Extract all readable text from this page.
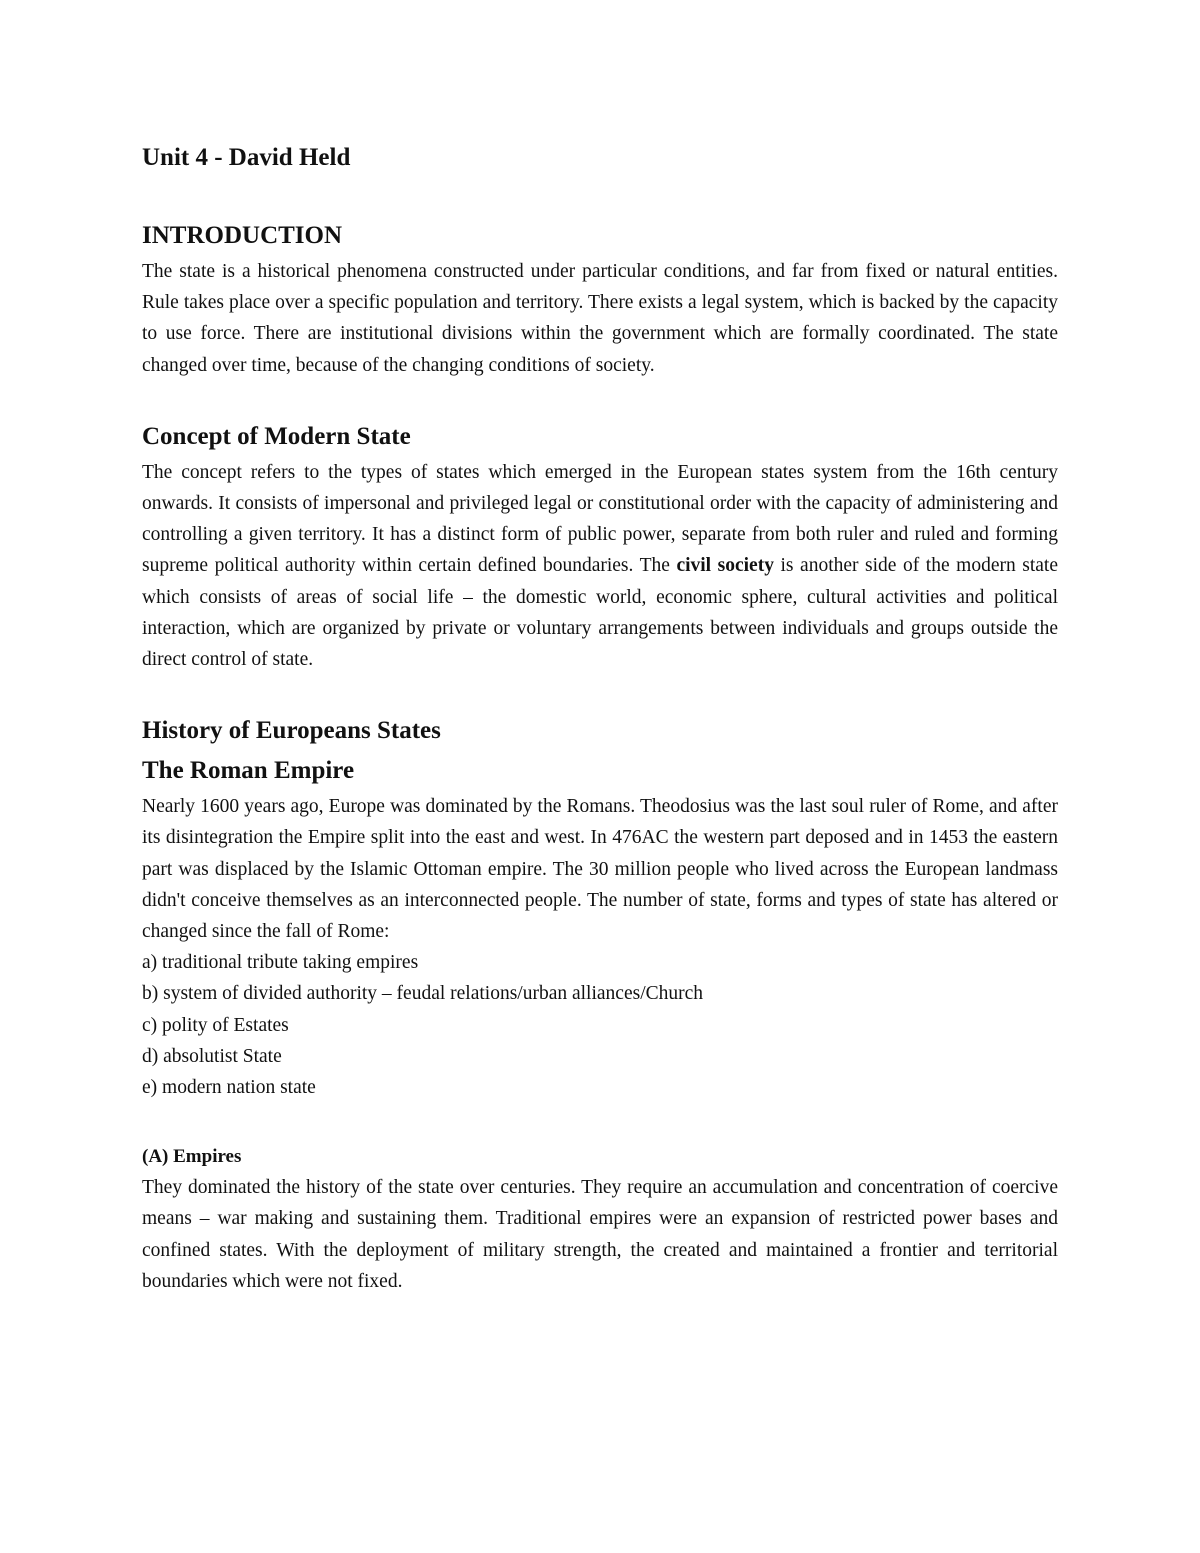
Unit 4 - David Held
INTRODUCTION

The state is a historical phenomena constructed under particular conditions, and far from fixed or natural entities. Rule takes place over a specific population and territory. There exists a legal system, which is backed by the capacity to use force. There are institutional divisions within the government which are formally coordinated. The state changed over time, because of the changing conditions of society.

Concept of Modern State

The concept refers to the types of states which emerged in the European states system from the 16th century onwards. It consists of impersonal and privileged legal or constitutional order with the capacity of administering and controlling a given territory. It has a distinct form of public power, separate from both ruler and ruled and forming supreme political authority within certain defined boundaries. The civil society is another side of the modern state which consists of areas of social life – the domestic world, economic sphere, cultural activities and political interaction, which are organized by private or voluntary arrangements between individuals and groups outside the direct control of state.

History of Europeans States
The Roman Empire

Nearly 1600 years ago, Europe was dominated by the Romans. Theodosius was the last soul ruler of Rome, and after its disintegration the Empire split into the east and west. In 476AC the western part deposed and in 1453 the eastern part was displaced by the Islamic Ottoman empire. The 30 million people who lived across the European landmass didn't conceive themselves as an interconnected people. The number of state, forms and types of state has altered or changed since the fall of Rome:

a) traditional tribute taking empires
b) system of divided authority – feudal relations/urban alliances/Church
c) polity of Estates
d) absolutist State
e) modern nation state
(A) Empires

They dominated the history of the state over centuries. They require an accumulation and concentration of coercive means – war making and sustaining them. Traditional empires were an expansion of restricted power bases and confined states. With the deployment of military strength, the created and maintained a frontier and territorial boundaries which were not fixed.
